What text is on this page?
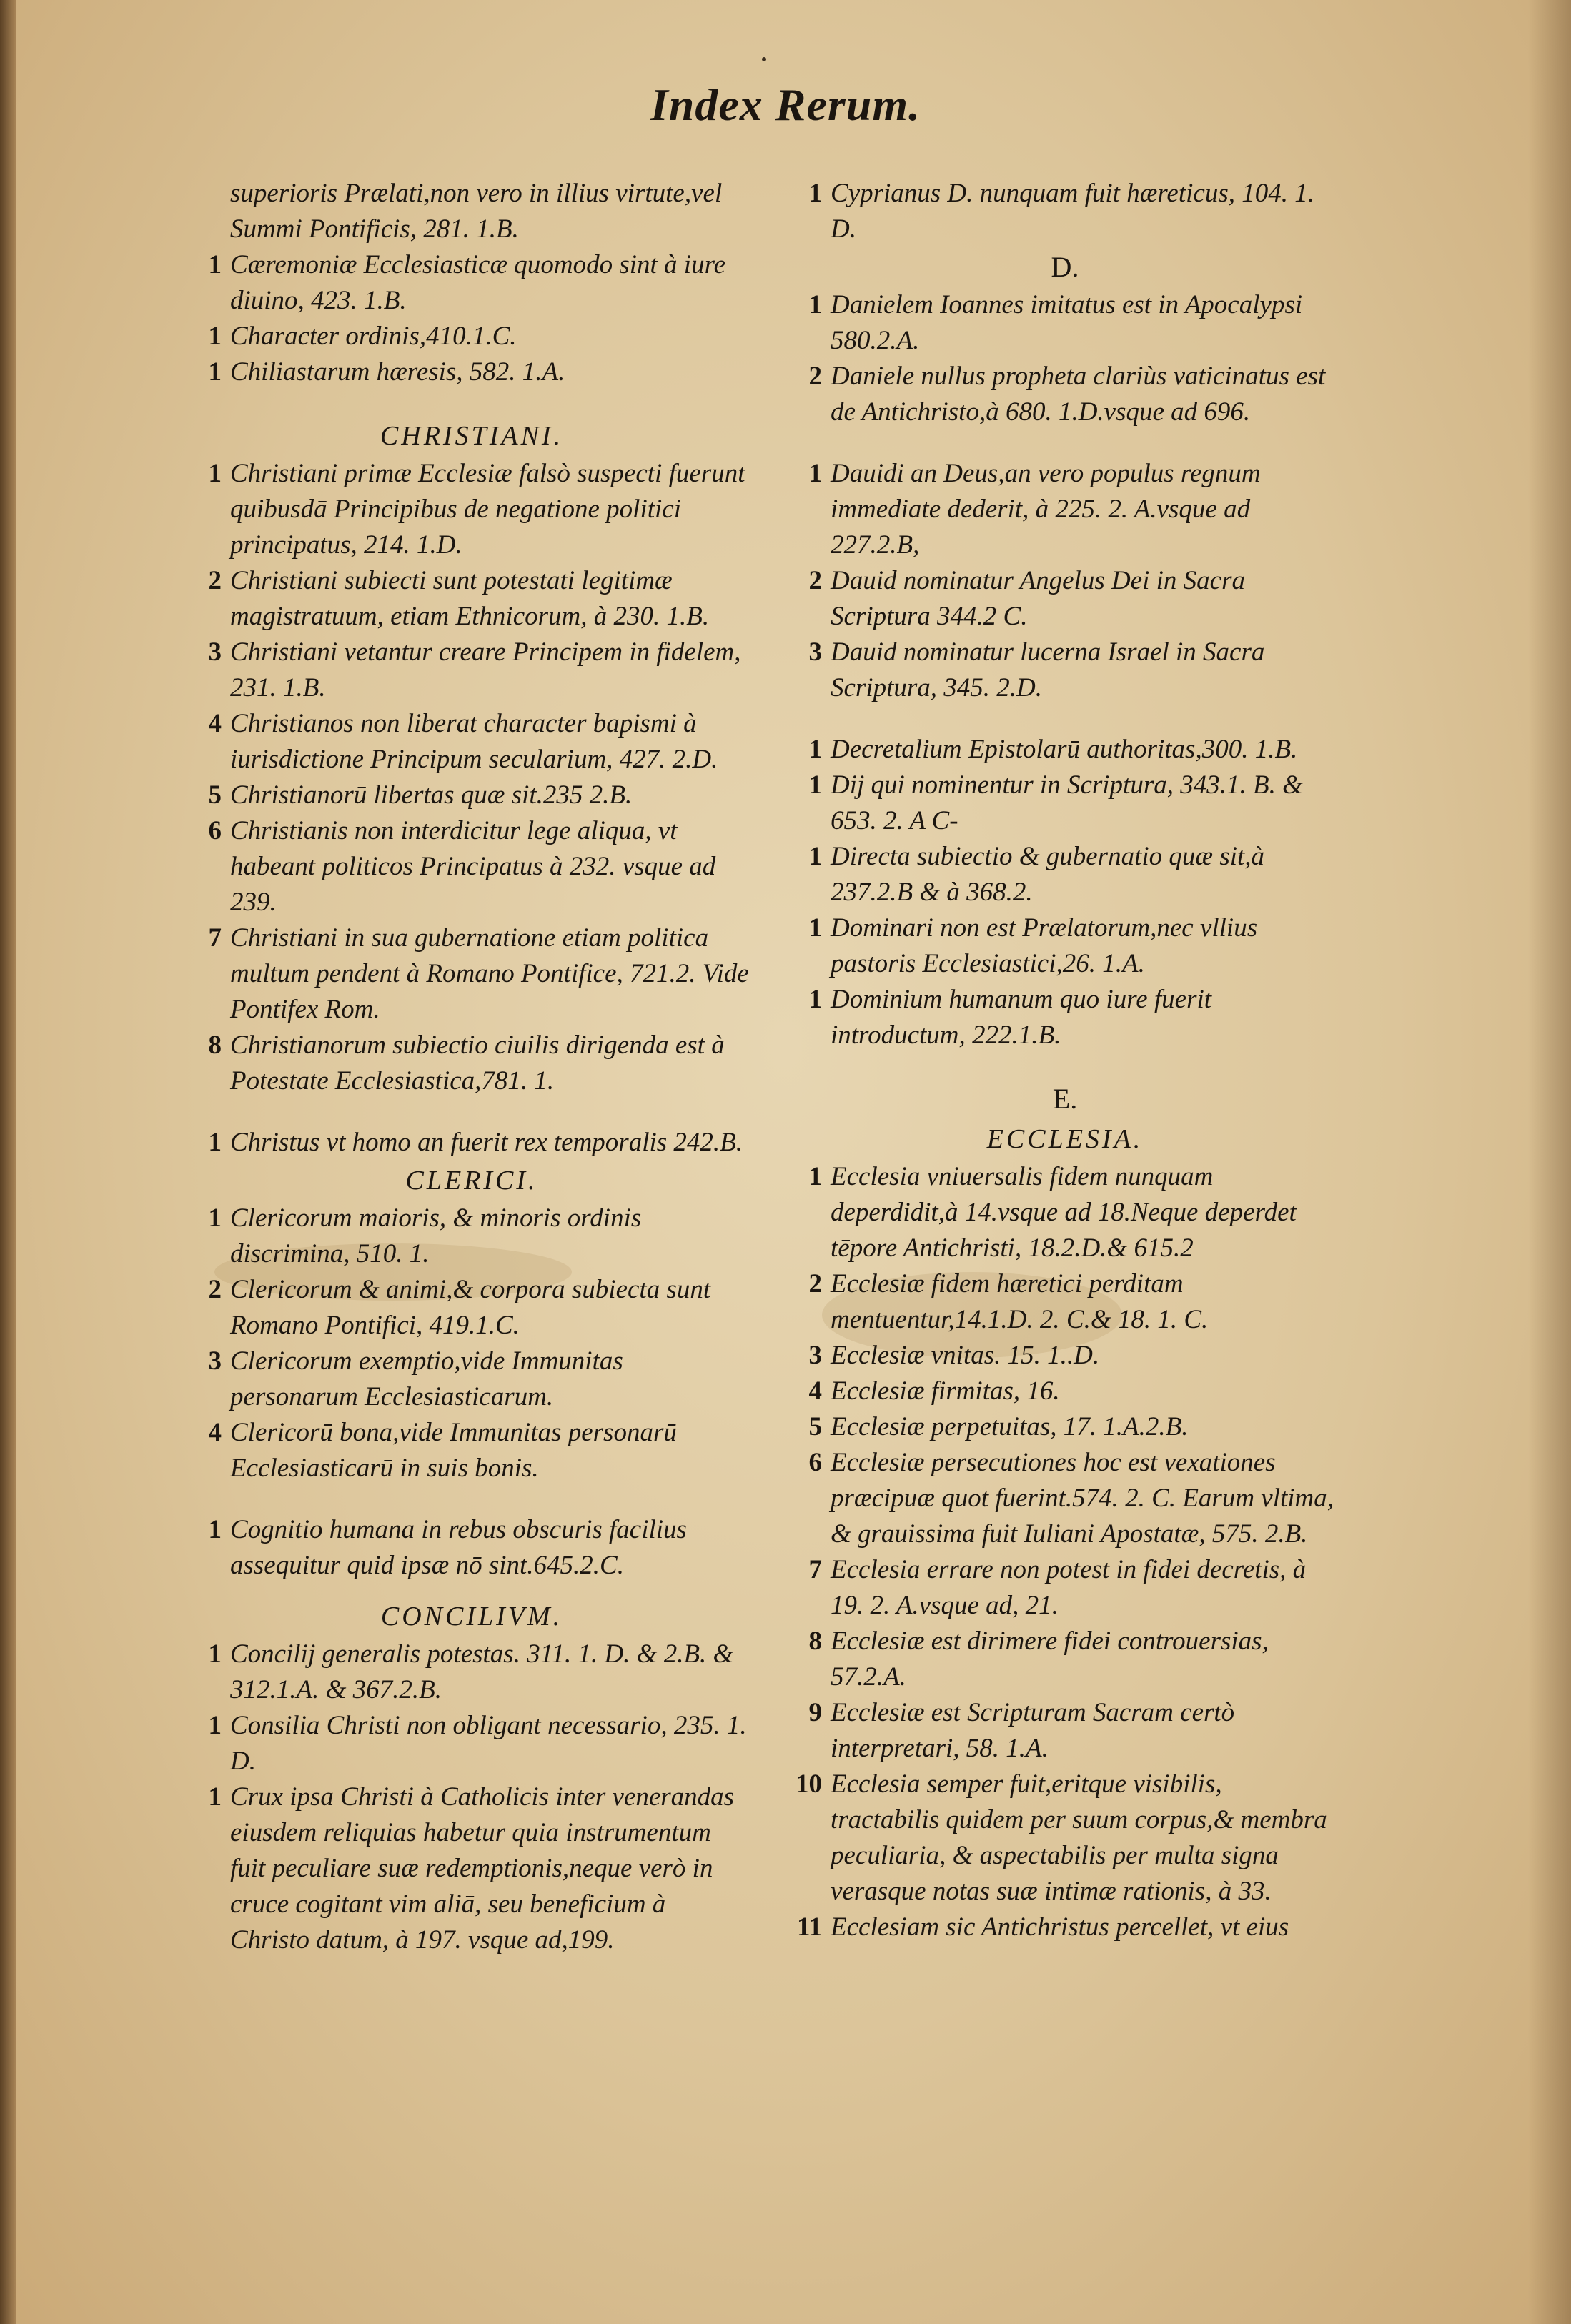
Index Rerum.
superioris Prælati,non vero in illius virtute,vel Summi Pontificis, 281. 1.B.
1 Cæremoniæ Ecclesiasticæ quomodo sint à iure diuino, 423. 1.B.
1 Character ordinis,410.1.C.
1 Chiliastarum hæresis, 582. 1.A.
CHRISTIANI.
1 Christiani primæ Ecclesiæ falsò suspecti fuerunt quibusdā Principibus de negatione politici principatus, 214. 1.D.
2 Christiani subiecti sunt potestati legitimæ magistratuum, etiam Ethnicorum, à 230. 1.B.
3 Christiani vetantur creare Principem in fidelem, 231. 1.B.
4 Christianos non liberat character bapismi à iurisdictione Principum secularium, 427. 2.D.
5 Christianorū libertas quæ sit.235 2.B.
6 Christianis non interdicitur lege aliqua, vt habeant politicos Principatus à 232. vsque ad 239.
7 Christiani in sua gubernatione etiam politica multum pendent à Romano Pontifice, 721.2. Vide Pontifex Rom.
8 Christianorum subiectio ciuilis dirigenda est à Potestate Ecclesiastica,781. 1.
1 Christus vt homo an fuerit rex temporalis 242.B.
CLERICI.
1 Clericorum maioris, & minoris ordinis discrimina, 510. 1.
2 Clericorum & animi,& corpora subiecta sunt Romano Pontifici, 419.1.C.
3 Clericorum exemptio,vide Immunitas personarum Ecclesiasticarum.
4 Clericorū bona,vide Immunitas personarū Ecclesiasticarū in suis bonis.
1 Cognitio humana in rebus obscuris facilius assequitur quid ipsæ nō sint.645.2.C.
CONCILIVM.
1 Concilij generalis potestas. 311. 1. D. & 2.B. & 312.1.A. & 367.2.B.
1 Consilia Christi non obligant necessario, 235. 1. D.
1 Crux ipsa Christi à Catholicis inter venerandas eiusdem reliquias habetur quia instrumentum fuit peculiare suæ redemptionis,neque verò in cruce cogitant vim aliā, seu beneficium à Christo datum, à 197. vsque ad,199.
1 Cyprianus D. nunquam fuit hæreticus, 104. 1. D.
D.
1 Danielem Ioannes imitatus est in Apocalypsi 580.2.A.
2 Daniele nullus propheta clariùs vaticinatus est de Antichristo,à 680. 1.D.vsque ad 696.
1 Dauidi an Deus,an vero populus regnum immediate dederit, à 225. 2. A.vsque ad 227.2.B,
2 Dauid nominatur Angelus Dei in Sacra Scriptura 344.2 C.
3 Dauid nominatur lucerna Israel in Sacra Scriptura, 345. 2.D.
1 Decretalium Epistolarū authoritas,300. 1.B.
1 Dij qui nominentur in Scriptura, 343.1. B. & 653. 2. A C-
1 Directa subiectio & gubernatio quæ sit,à 237.2.B & à 368.2.
1 Dominari non est Prælatorum,nec vllius pastoris Ecclesiastici,26. 1.A.
1 Dominium humanum quo iure fuerit introductum, 222.1.B.
E.
ECCLESIA.
1 Ecclesia vniuersalis fidem nunquam deperdidit,à 14.vsque ad 18.Neque deperdet tēpore Antichristi, 18.2.D.& 615.2
2 Ecclesiæ fidem hæretici perditam mentuentur,14.1.D. 2. C.& 18. 1. C.
3 Ecclesiæ vnitas. 15. 1..D.
4 Ecclesiæ firmitas, 16.
5 Ecclesiæ perpetuitas, 17. 1.A.2.B.
6 Ecclesiæ persecutiones hoc est vexationes præcipuæ quot fuerint.574. 2. C. Earum vltima, & grauissima fuit Iuliani Apostatæ, 575. 2.B.
7 Ecclesia errare non potest in fidei decretis, à 19. 2. A.vsque ad, 21.
8 Ecclesiæ est dirimere fidei controuersias, 57.2.A.
9 Ecclesiæ est Scripturam Sacram certò interpretari, 58. 1.A.
10 Ecclesia semper fuit,eritque visibilis, tractabilis quidem per suum corpus,& membra peculiaria, & aspectabilis per multa signa verasque notas suæ intimæ rationis, à 33.
11 Ecclesiam sic Antichristus percellet, vt eius
